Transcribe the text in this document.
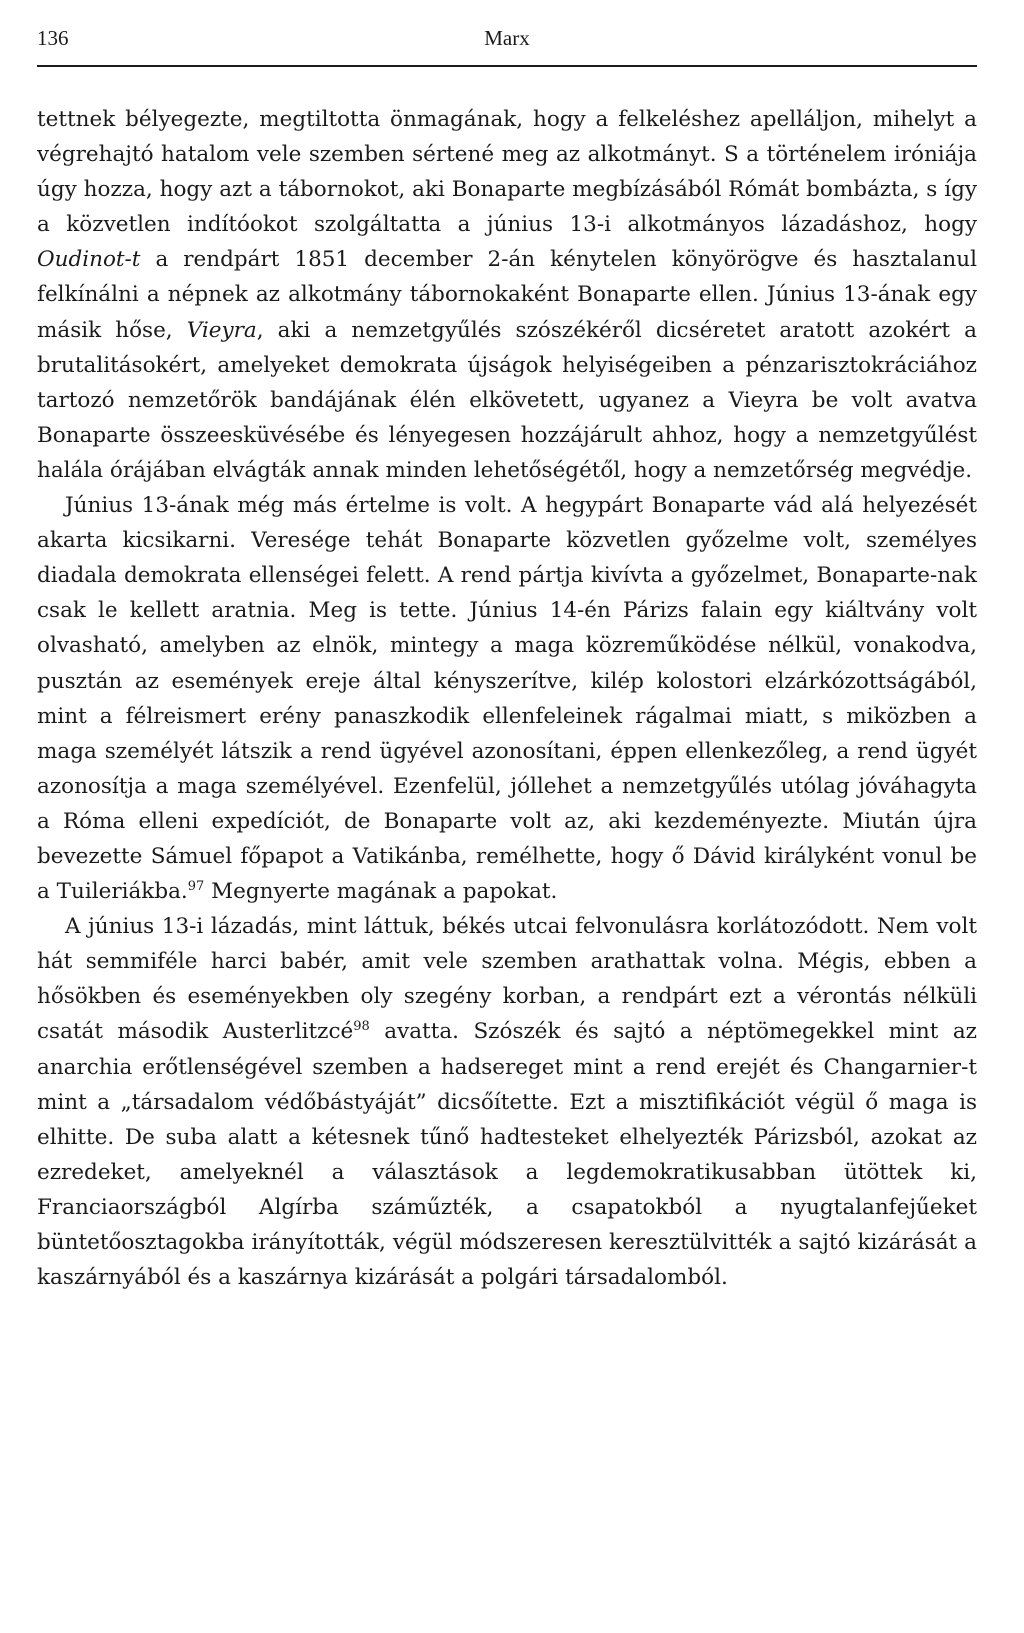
136	Marx

tettnek bélyegezte, megtiltotta önmagának, hogy a felkeléshez apelláljon, mihelyt a végrehajtó hatalom vele szemben sértené meg az alkotmányt. S a történelem iróniája úgy hozza, hogy azt a tábornokot, aki Bonaparte megbízásából Rómát bombázta, s így a közvetlen indítóokot szolgáltatta a június 13-i alkotmányos lázadáshoz, hogy Oudinot-t a rendpárt 1851 december 2-án kénytelen könyörögve és hasztalanul felkínálni a népnek az alkotmány tábornokaként Bonaparte ellen. Június 13-ának egy másik hőse, Vieyra, aki a nemzetgyűlés szószékéről dicséretet aratott azokért a brutalitásokért, amelyeket demokrata újságok helyiségeiben a pénzarisztokráciához tartozó nemzetőrök bandájának élén elkövetett, ugyanez a Vieyra be volt avatva Bonaparte összeesküvésébe és lényegesen hozzájárult ahhoz, hogy a nemzetgyűlést halála órájában elvágták annak minden lehetőségétől, hogy a nemzetőrség megvédje.

Június 13-ának még más értelme is volt. A hegypárt Bonaparte vád alá helyezését akarta kicsikarni. Veresége tehát Bonaparte közvetlen győzelme volt, személyes diadala demokrata ellenségei felett. A rend pártja kivívta a győzelmet, Bonaparte-nak csak le kellett aratnia. Meg is tette. Június 14-én Párizs falain egy kiáltvány volt olvasható, amelyben az elnök, mintegy a maga közreműködése nélkül, vonakodva, pusztán az események ereje által kényszerítve, kilép kolostori elzárkózottságából, mint a félreismert erény panaszkodik ellenfeleinek rágalmai miatt, s miközben a maga személyét látszik a rend ügyével azonosítani, éppen ellenkezőleg, a rend ügyét azonosítja a maga személyével. Ezenfelül, jóllehet a nemzetgyűlés utólag jóváhagyta a Róma elleni expedíciót, de Bonaparte volt az, aki kezdeményezte. Miután újra bevezette Sámuel főpapot a Vatikánba, remélhette, hogy ő Dávid királyként vonul be a Tuileriákba.$^{97}$ Megnyerte magának a papokat.

A június 13-i lázadás, mint láttuk, békés utcai felvonulásra korlátozódott. Nem volt hát semmiféle harci babér, amit vele szemben arathattak volna. Mégis, ebben a hősökben és eseményekben oly szegény korban, a rendpárt ezt a vérontás nélküli csatát második Austerlitzcé$^{98}$ avatta. Szószék és sajtó a néptömegekkel mint az anarchia erőtlenségével szemben a hadsereget mint a rend erejét és Changarnier-t mint a „társadalom védőbástyáját” dicsőítette. Ezt a misztifikációt végül ő maga is elhitte. De suba alatt a kétesnek tűnő hadtesteket elhelyezték Párizsból, azokat az ezredeket, amelyeknél a választások a legdemokratikusabban ütöttek ki, Franciaországból Algírba száműzték, a csapatokból a nyugtalanfejűeket büntetőosztagokba irányították, végül módszeresen keresztülvitték a sajtó kizárását a kaszárnyából és a kaszárnya kizárását a polgári társadalomból.
